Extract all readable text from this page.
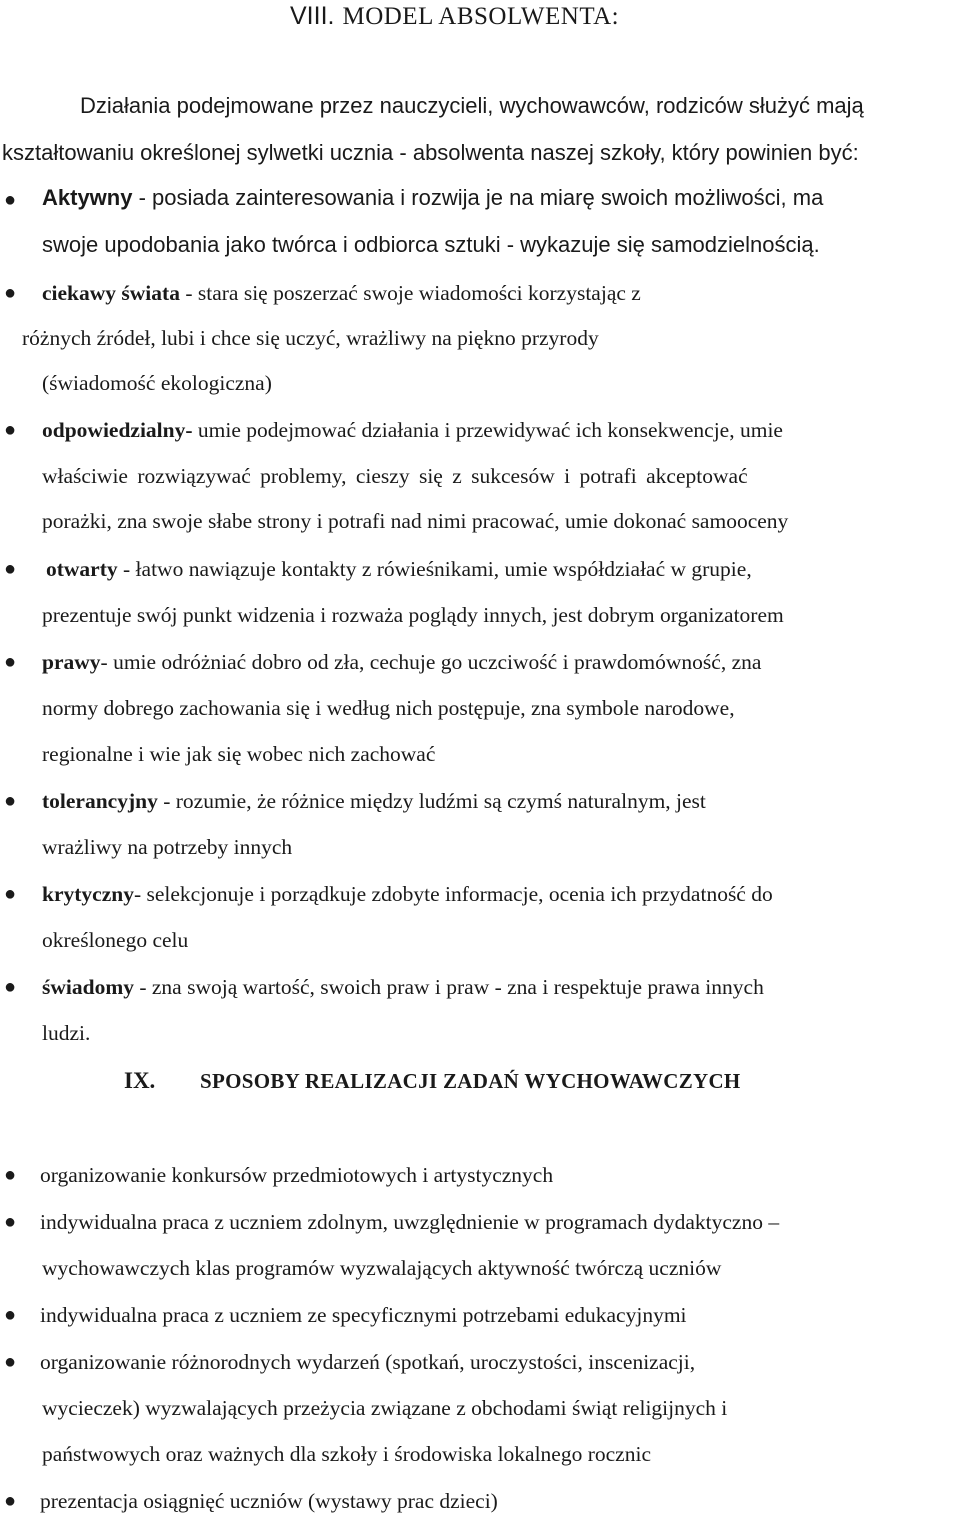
VIII. MODEL ABSOLWENTA:
Działania podejmowane przez nauczycieli, wychowawców, rodziców służyć mają
kształtowaniu określonej sylwetki ucznia - absolwenta naszej szkoły, który powinien być:
● Aktywny - posiada zainteresowania i rozwija je na miarę swoich możliwości, ma
swoje upodobania jako twórca i odbiorca sztuki - wykazuje się samodzielnością.
● ciekawy świata - stara się poszerzać swoje wiadomości korzystając z
różnych źródeł, lubi i chce się uczyć, wrażliwy na piękno przyrody
(świadomość ekologiczna)
● odpowiedzialny- umie podejmować działania i przewidywać ich konsekwencje, umie
właściwie rozwiązywać problemy, cieszy się z sukcesów i potrafi akceptować
porażki, zna swoje słabe strony i potrafi nad nimi pracować, umie dokonać samooceny
● otwarty - łatwo nawiązuje kontakty z rówieśnikami, umie współdziałać w grupie,
prezentuje swój punkt widzenia i rozważa poglądy innych, jest dobrym organizatorem
● prawy- umie odróżniać dobro od zła, cechuje go uczciwość i prawdomówność, zna
normy dobrego zachowania się i według nich postępuje, zna symbole narodowe,
regionalne i wie jak się wobec nich zachować
● tolerancyjny - rozumie, że różnice między ludźmi są czymś naturalnym, jest
wrażliwy na potrzeby innych
● krytyczny- selekcjonuje i porządkuje zdobyte informacje, ocenia ich przydatność do
określonego celu
● świadomy - zna swoją wartość, swoich praw i praw - zna i respektuje prawa innych
ludzi.
IX. SPOSOBY REALIZACJI ZADAŃ WYCHOWAWCZYCH
● organizowanie konkursów przedmiotowych i artystycznych
● indywidualna praca z uczniem zdolnym, uwzględnienie w programach dydaktyczno –
wychowawczych klas programów wyzwalających aktywność twórczą uczniów
● indywidualna praca z uczniem ze specyficznymi potrzebami edukacyjnymi
● organizowanie różnorodnych wydarzeń (spotkań, uroczystości, inscenizacji,
wycieczek) wyzwalających przeżycia związane z obchodami świąt religijnych i
państwowych oraz ważnych dla szkoły i środowiska lokalnego rocznic
● prezentacja osiągnięć uczniów (wystawy prac dzieci)
